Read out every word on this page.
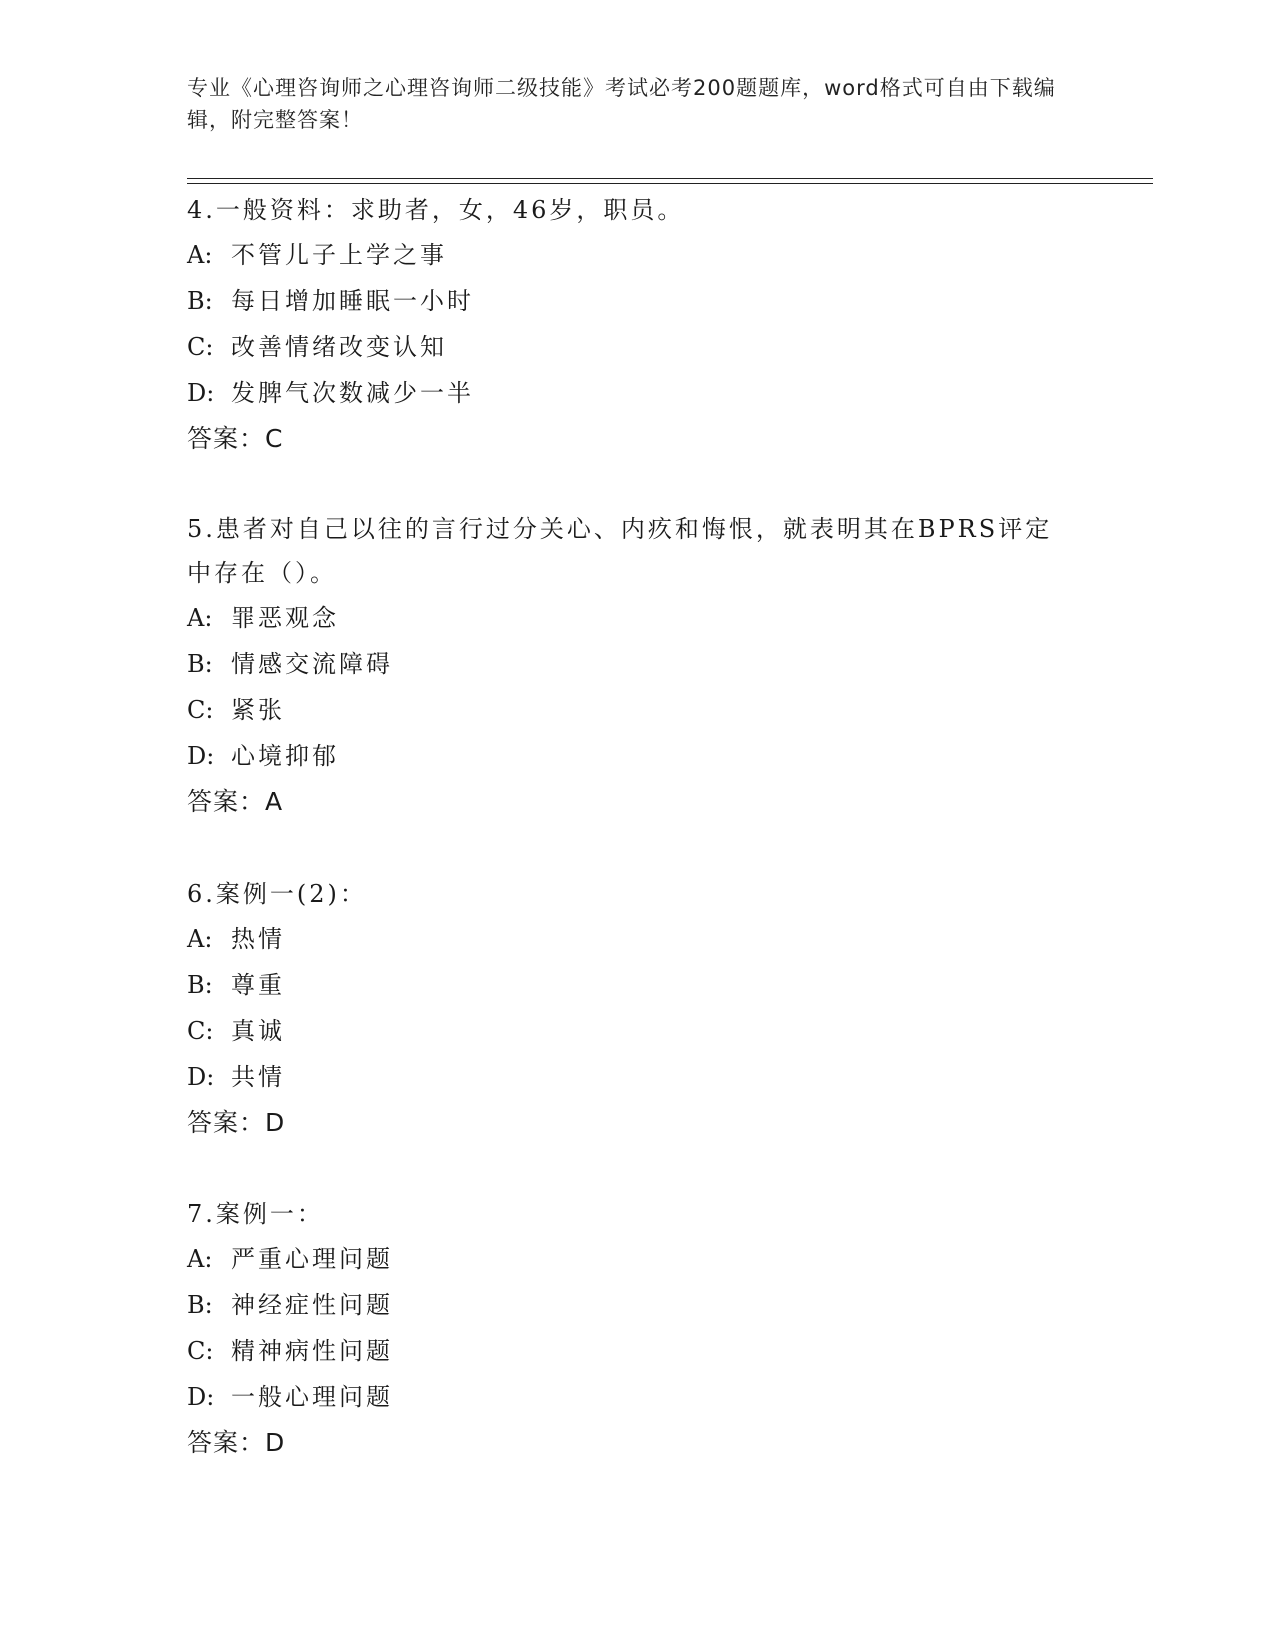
专业《心理咨询师之心理咨询师二级技能》考试必考200题题库，word格式可自由下载编辑，附完整答案！
4.一般资料：求助者，女，46岁，职员。
A: 不管儿子上学之事
B: 每日增加睡眠一小时
C: 改善情绪改变认知
D: 发脾气次数减少一半
答案：C
5.患者对自己以往的言行过分关心、内疚和悔恨，就表明其在BPRS评定中存在（）。
A: 罪恶观念
B: 情感交流障碍
C: 紧张
D: 心境抑郁
答案：A
6.案例一(2)：
A: 热情
B: 尊重
C: 真诚
D: 共情
答案：D
7.案例一：
A: 严重心理问题
B: 神经症性问题
C: 精神病性问题
D: 一般心理问题
答案：D
